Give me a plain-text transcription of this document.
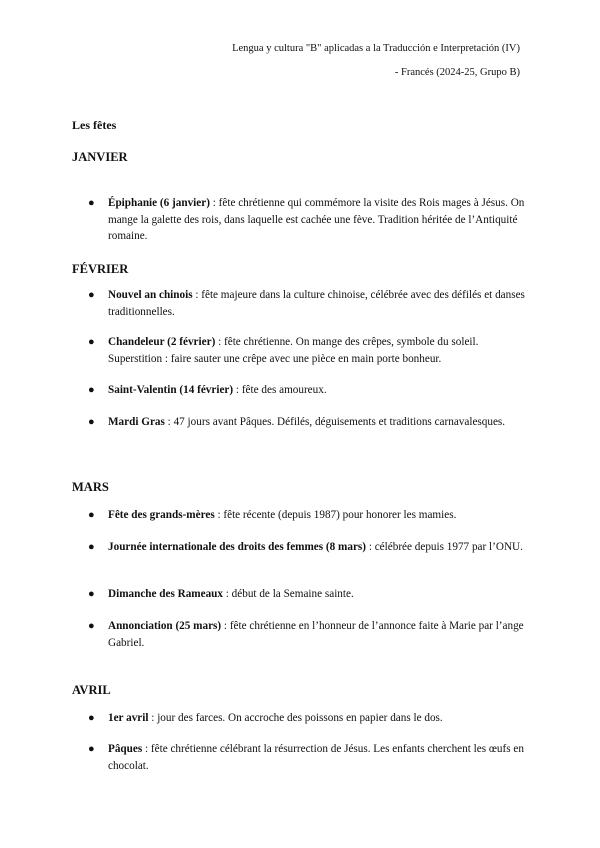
Lengua y cultura "B" aplicadas a la Traducción e Interpretación (IV)
- Francés (2024-25, Grupo B)
Les fêtes
JANVIER
● Épiphanie (6 janvier) : fête chrétienne qui commémore la visite des Rois mages à Jésus. On mange la galette des rois, dans laquelle est cachée une fève. Tradition héritée de l’Antiquité romaine.
FÉVRIER
● Nouvel an chinois : fête majeure dans la culture chinoise, célébrée avec des défilés et danses traditionnelles.
● Chandeleur (2 février) : fête chrétienne. On mange des crêpes, symbole du soleil. Superstition : faire sauter une crêpe avec une pièce en main porte bonheur.
● Saint-Valentin (14 février) : fête des amoureux.
● Mardi Gras : 47 jours avant Pâques. Défilés, déguisements et traditions carnavalesques.
MARS
● Fête des grands-mères : fête récente (depuis 1987) pour honorer les mamies.
● Journée internationale des droits des femmes (8 mars) : célébrée depuis 1977 par l’ONU.
● Dimanche des Rameaux : début de la Semaine sainte.
● Annonciation (25 mars) : fête chrétienne en l’honneur de l’annonce faite à Marie par l’ange Gabriel.
AVRIL
● 1er avril : jour des farces. On accroche des poissons en papier dans le dos.
● Pâques : fête chrétienne célébrant la résurrection de Jésus. Les enfants cherchent les œufs en chocolat.
